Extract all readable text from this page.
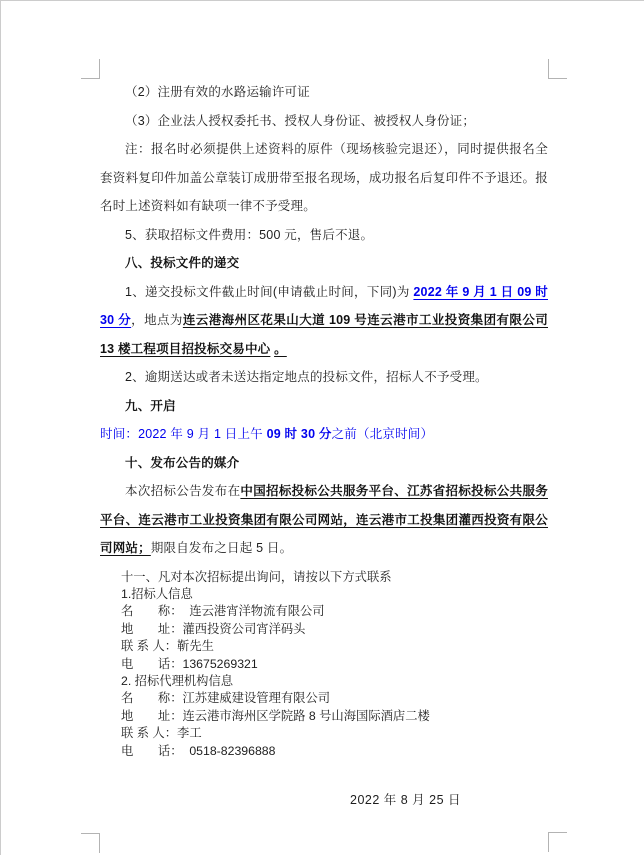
（2）注册有效的水路运输许可证

（3）企业法人授权委托书、授权人身份证、被授权人身份证；

注：报名时必须提供上述资料的原件（现场核验完退还），同时提供报名全套资料复印件加盖公章装订成册带至报名现场，成功报名后复印件不予退还。报名时上述资料如有缺项一律不予受理。

5、获取招标文件费用：500 元，售后不退。

八、投标文件的递交

1、递交投标文件截止时间(申请截止时间，下同)为 2022 年 9 月 1 日 09 时 30 分，地点为连云港海州区花果山大道 109 号连云港市工业投资集团有限公司 13 楼工程项目招投标交易中心 。

2、逾期送达或者未送达指定地点的投标文件，招标人不予受理。

九、开启

时间：2022 年 9 月 1 日上午 09 时 30 分之前（北京时间）

十、发布公告的媒介

本次招标公告发布在中国招标投标公共服务平台、江苏省招标投标公共服务平台、连云港市工业投资集团有限公司网站，连云港市工投集团灌西投资有限公司网站；期限自发布之日起 5 日。

十一、凡对本次招标提出询问，请按以下方式联系
1.招标人信息
名　　称：  连云港宵洋物流有限公司
地　　址：灌西投资公司宵洋码头
联 系 人：靳先生
电　　话：13675269321
2. 招标代理机构信息
名　　称：江苏建威建设管理有限公司
地　　址：连云港市海州区学院路 8 号山海国际酒店二楼
联 系 人：李工
电　　话：  0518-82396888
2022 年 8 月 25 日
